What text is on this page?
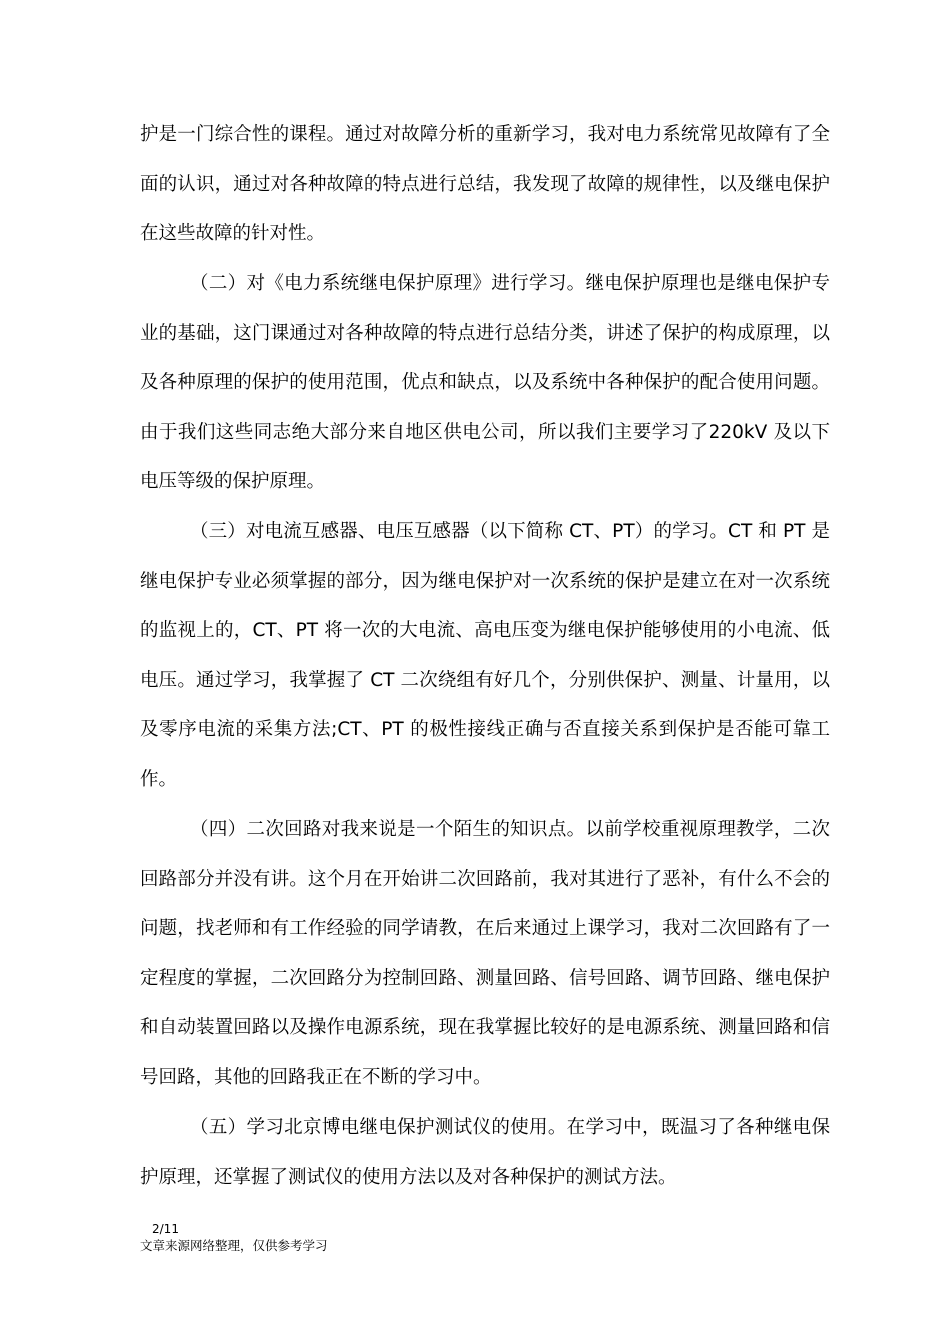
护是一门综合性的课程。通过对故障分析的重新学习，我对电力系统常见故障有了全面的认识，通过对各种故障的特点进行总结，我发现了故障的规律性，以及继电保护在这些故障的针对性。

（二）对《电力系统继电保护原理》进行学习。继电保护原理也是继电保护专业的基础，这门课通过对各种故障的特点进行总结分类，讲述了保护的构成原理，以及各种原理的保护的使用范围，优点和缺点，以及系统中各种保护的配合使用问题。由于我们这些同志绝大部分来自地区供电公司，所以我们主要学习了220kV 及以下电压等级的保护原理。

（三）对电流互感器、电压互感器（以下简称 CT、PT）的学习。CT 和 PT 是继电保护专业必须掌握的部分，因为继电保护对一次系统的保护是建立在对一次系统的监视上的，CT、PT 将一次的大电流、高电压变为继电保护能够使用的小电流、低电压。通过学习，我掌握了 CT 二次绕组有好几个，分别供保护、测量、计量用，以及零序电流的采集方法;CT、PT 的极性接线正确与否直接关系到保护是否能可靠工作。

（四）二次回路对我来说是一个陌生的知识点。以前学校重视原理教学，二次回路部分并没有讲。这个月在开始讲二次回路前，我对其进行了恶补，有什么不会的问题，找老师和有工作经验的同学请教，在后来通过上课学习，我对二次回路有了一定程度的掌握，二次回路分为控制回路、测量回路、信号回路、调节回路、继电保护和自动装置回路以及操作电源系统，现在我掌握比较好的是电源系统、测量回路和信号回路，其他的回路我正在不断的学习中。

（五）学习北京博电继电保护测试仪的使用。在学习中，既温习了各种继电保护原理，还掌握了测试仪的使用方法以及对各种保护的测试方法。

2/11
文章来源网络整理，仅供参考学习
